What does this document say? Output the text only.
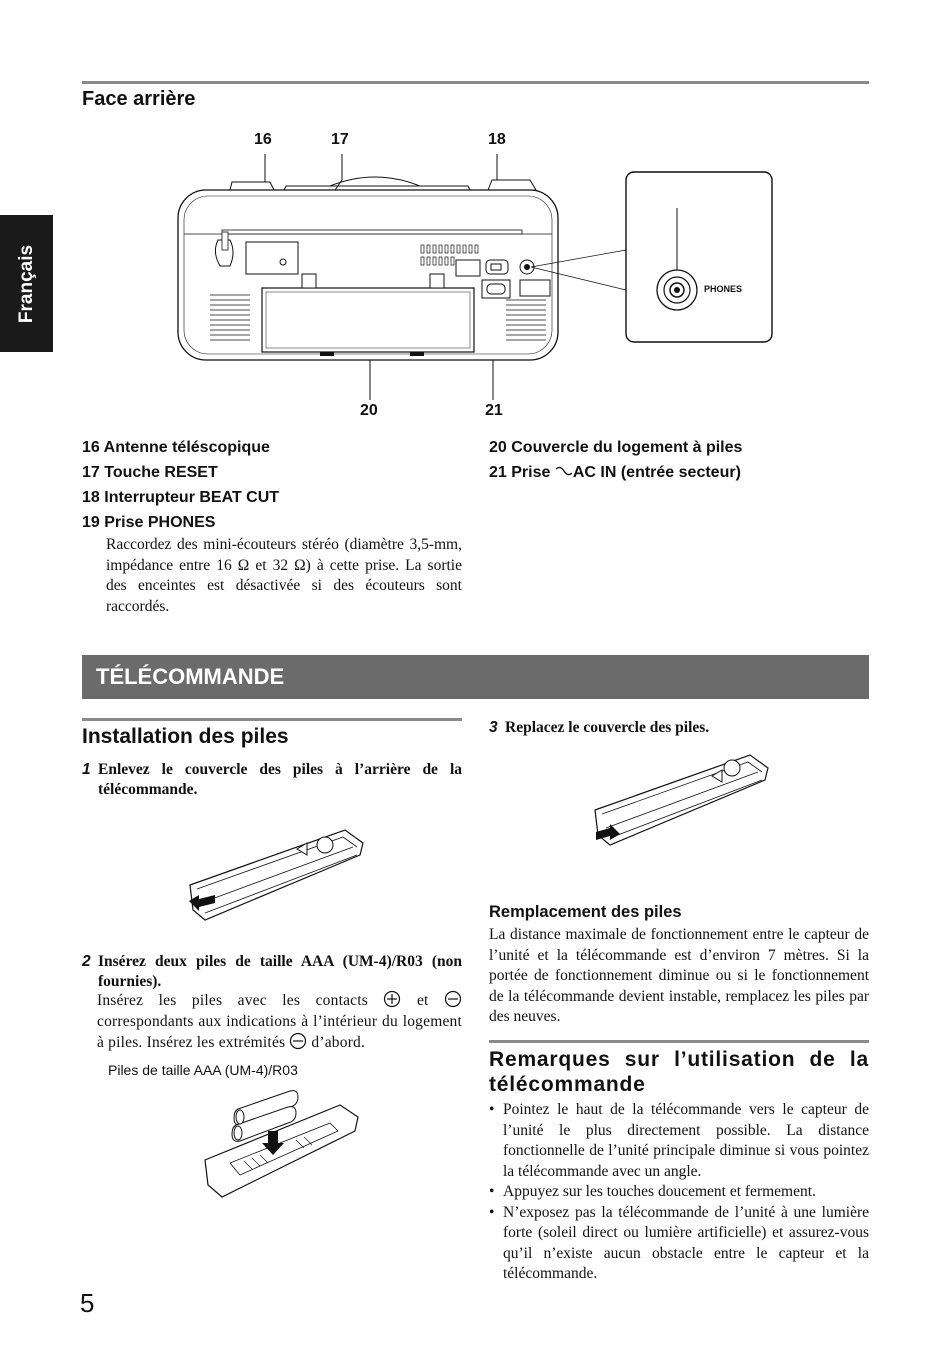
Français
Face arrière
16	17	18
20	21
PHONES
16 Antenne téléscopique
17 Touche RESET
18 Interrupteur BEAT CUT
19 Prise PHONES
Raccordez des mini-écouteurs stéréo (diamètre 3,5-mm, impédance entre 16 Ω et 32 Ω) à cette prise. La sortie des enceintes est désactivée si des écouteurs sont raccordés.
20 Couvercle du logement à piles
21 Prise AC IN (entrée secteur)
TÉLÉCOMMANDE
Installation des piles
1 Enlevez le couvercle des piles à l’arrière de la télécommande.
2 Insérez deux piles de taille AAA (UM-4)/R03 (non fournies).
Insérez les piles avec les contacts	et  correspondants aux indications à l’intérieur du logement à piles. Insérez les extrémités d’abord.
Piles de taille AAA (UM-4)/R03
3 Replacez le couvercle des piles.
Remplacement des piles
La distance maximale de fonctionnement entre le capteur de l’unité et la télécommande est d’environ 7 mètres. Si la portée de fonctionnement diminue ou si le fonctionnement de la télécommande devient instable, remplacez les piles par des neuves.
Remarques sur l’utilisation de la télécommande
• Pointez le haut de la télécommande vers le capteur de l’unité le plus directement possible. La distance fonctionnelle de l’unité principale diminue si vous pointez la télécommande avec un angle.
• Appuyez sur les touches doucement et fermement.
• N’exposez pas la télécommande de l’unité à une lumière forte (soleil direct ou lumière artificielle) et assurez-vous qu’il n’existe aucun obstacle entre le capteur et la télécommande.
5
